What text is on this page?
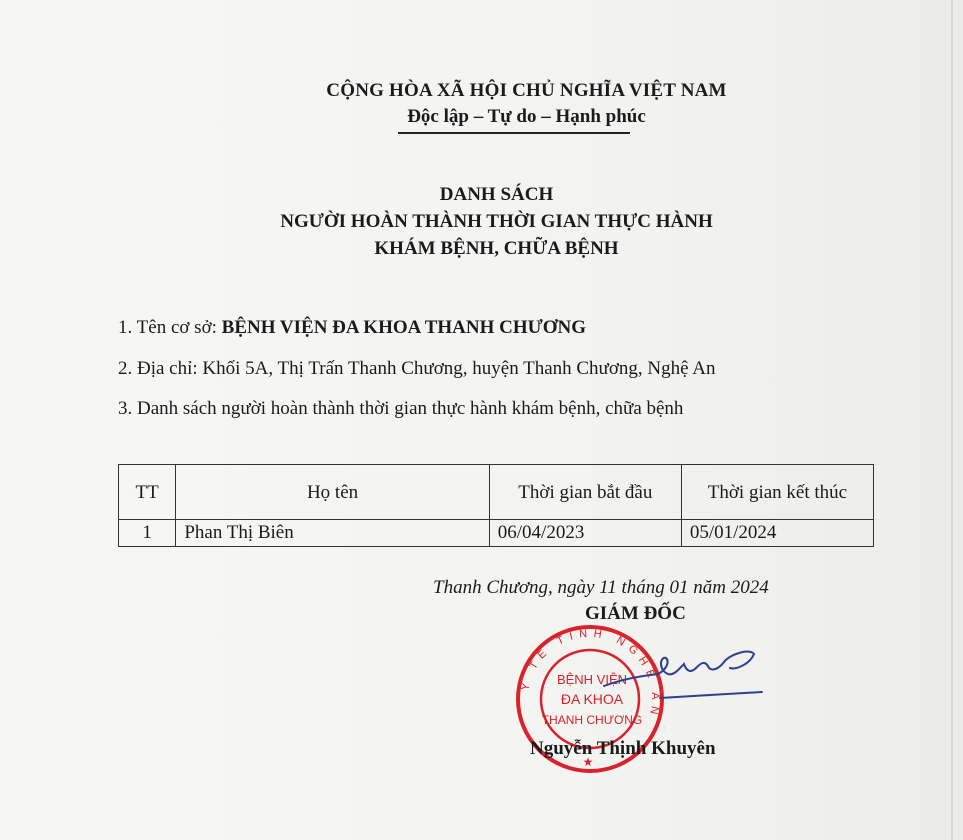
CỘNG HÒA XÃ HỘI CHỦ NGHĨA VIỆT NAM
Độc lập – Tự do – Hạnh phúc
DANH SÁCH
NGƯỜI HOÀN THÀNH THỜI GIAN THỰC HÀNH
KHÁM BỆNH, CHỮA BỆNH
1. Tên cơ sở: BỆNH VIỆN ĐA KHOA THANH CHƯƠNG
2. Địa chỉ: Khối 5A, Thị Trấn Thanh Chương, huyện Thanh Chương, Nghệ An
3. Danh sách người hoàn thành thời gian thực hành khám bệnh, chữa bệnh
TT	Họ tên	Thời gian bắt đầu	Thời gian kết thúc
1	Phan Thị Biên	06/04/2023	05/01/2024
Thanh Chương, ngày 11 tháng 01 năm 2024
GIÁM ĐỐC
Y TẾ TỈNH NGHỆ AN
BỆNH VIỆN
ĐA KHOA
THANH CHƯƠNG
★
Nguyễn Thịnh Khuyên
